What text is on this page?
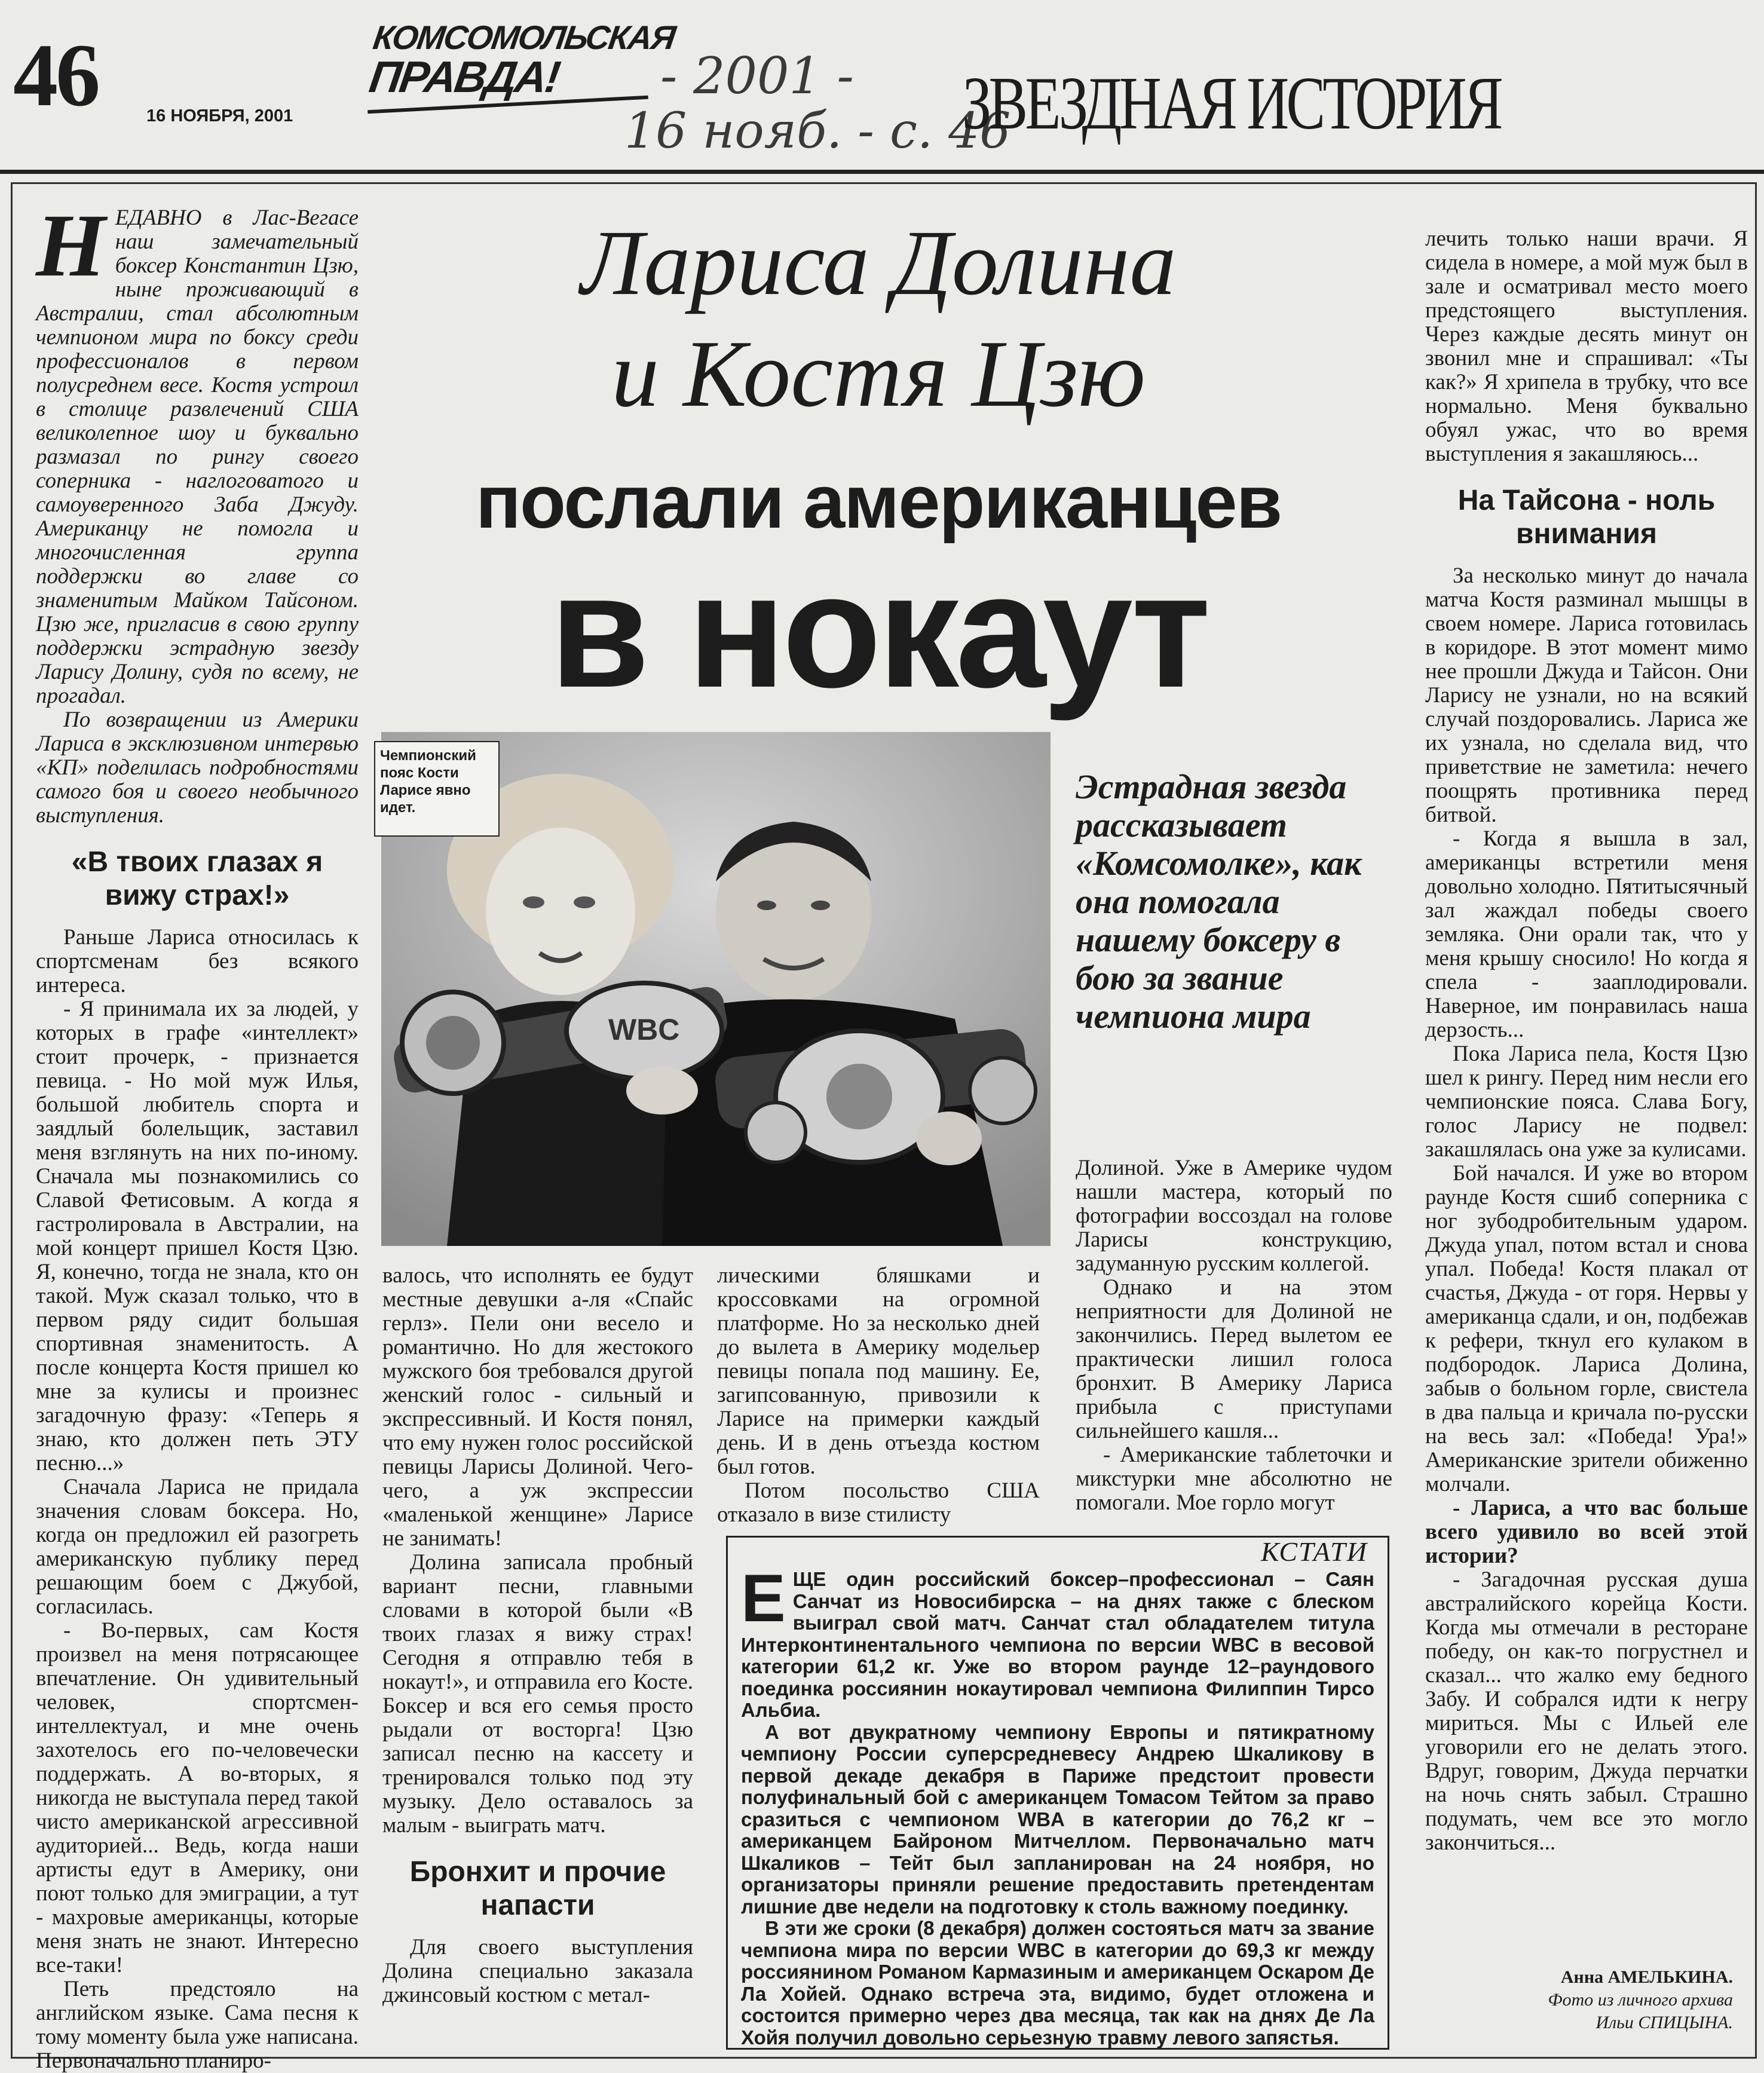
46	16 НОЯБРЯ, 2001
КОМСОМОЛЬСКАЯ
ПРАВДА! - 2001 -
16 нояб. - с. 46
ЗВЕЗДНАЯ ИСТОРИЯ
Лариса Долина
и Костя Цзю
послали американцев
в нокаут

НЕДАВНО в Лас-Вегасе наш замечательный боксер Константин Цзю, ныне проживающий в Австралии, стал абсолютным чемпионом мира по боксу среди профессионалов в первом полусреднем весе. Костя устроил в столице развлечений США великолепное шоу и буквально размазал по рингу своего соперника - наглоговатого и самоуверенного Заба Джуду. Американцу не помогла и многочисленная группа поддержки во главе со знаменитым Майком Тайсоном. Цзю же, пригласив в свою группу поддержки эстрадную звезду Ларису Долину, судя по всему, не прогадал.

По возвращении из Америки Лариса в эксклюзивном интервью «КП» поделилась подробностями самого боя и своего необычного выступления.

«В твоих глазах я вижу страх!»

Раньше Лариса относилась к спортсменам без всякого интереса.

- Я принимала их за людей, у которых в графе «интеллект» стоит прочерк, - признается певица. - Но мой муж Илья, большой любитель спорта и заядлый болельщик, заставил меня взглянуть на них по-иному. Сначала мы познакомились со Славой Фетисовым. А когда я гастролировала в Австралии, на мой концерт пришел Костя Цзю. Я, конечно, тогда не знала, кто он такой. Муж сказал только, что в первом ряду сидит большая спортивная знаменитость. А после концерта Костя пришел ко мне за кулисы и произнес загадочную фразу: «Теперь я знаю, кто должен петь ЭТУ песню...»

Сначала Лариса не придала значения словам боксера. Но, когда он предложил ей разогреть американскую публику перед решающим боем с Джубой, согласилась.

- Во-первых, сам Костя произвел на меня потрясающее впечатление. Он удивительный человек, спортсмен-интеллектуал, и мне очень захотелось его по-человечески поддержать. А во-вторых, я никогда не выступала перед такой чисто американской агрессивной аудиторией... Ведь, когда наши артисты едут в Америку, они поют только для эмиграции, а тут - махровые американцы, которые меня знать не знают. Интересно все-таки!

Петь предстояло на английском языке. Сама песня к тому моменту была уже написана. Первоначально планиро-

WBC
Чемпионский пояс Кости Ларисе явно идет.
Эстрадная звезда рассказывает «Комсомолке», как она помогала нашему боксеру в бою за звание чемпиона мира

валось, что исполнять ее будут местные девушки а-ля «Спайс герлз». Пели они весело и романтично. Но для жестокого мужского боя требовался другой женский голос - сильный и экспрессивный. И Костя понял, что ему нужен голос российской певицы Ларисы Долиной. Чего-чего, а уж экспрессии «маленькой женщине» Ларисе не занимать!

Долина записала пробный вариант песни, главными словами в которой были «В твоих глазах я вижу страх! Сегодня я отправлю тебя в нокаут!», и отправила его Косте. Боксер и вся его семья просто рыдали от восторга! Цзю записал песню на кассету и тренировался только под эту музыку. Дело оставалось за малым - выиграть матч.

Бронхит и прочие напасти

Для своего выступления Долина специально заказала джинсовый костюм с метал-

лическими бляшками и кроссовками на огромной платформе. Но за несколько дней до вылета в Америку модельер певицы попала под машину. Ее, загипсованную, привозили к Ларисе на примерки каждый день. И в день отъезда костюм был готов.

Потом посольство США отказало в визе стилисту

Долиной. Уже в Америке чудом нашли мастера, который по фотографии воссоздал на голове Ларисы конструкцию, задуманную русским коллегой.

Однако и на этом неприятности для Долиной не закончились. Перед вылетом ее практически лишил голоса бронхит. В Америку Лариса прибыла с приступами сильнейшего кашля...

- Американские таблеточки и микстурки мне абсолютно не помогали. Мое горло могут

лечить только наши врачи. Я сидела в номере, а мой муж был в зале и осматривал место моего предстоящего выступления. Через каждые десять минут он звонил мне и спрашивал: «Ты как?» Я хрипела в трубку, что все нормально. Меня буквально обуял ужас, что во время выступления я закашляюсь...

На Тайсона - ноль внимания

За несколько минут до начала матча Костя разминал мышцы в своем номере. Лариса готовилась в коридоре. В этот момент мимо нее прошли Джуда и Тайсон. Они Ларису не узнали, но на всякий случай поздоровались. Лариса же их узнала, но сделала вид, что приветствие не заметила: нечего поощрять противника перед битвой.

- Когда я вышла в зал, американцы встретили меня довольно холодно. Пятитысячный зал жаждал победы своего земляка. Они орали так, что у меня крышу сносило! Но когда я спела - зааплодировали. Наверное, им понравилась наша дерзость...

Пока Лариса пела, Костя Цзю шел к рингу. Перед ним несли его чемпионские пояса. Слава Богу, голос Ларису не подвел: закашлялась она уже за кулисами.

Бой начался. И уже во втором раунде Костя сшиб соперника с ног зубодробительным ударом. Джуда упал, потом встал и снова упал. Победа! Костя плакал от счастья, Джуда - от горя. Нервы у американца сдали, и он, подбежав к рефери, ткнул его кулаком в подбородок. Лариса Долина, забыв о больном горле, свистела в два пальца и кричала по-русски на весь зал: «Победа! Ура!» Американские зрители обиженно молчали.

- Лариса, а что вас больше всего удивило во всей этой истории?

- Загадочная русская душа австралийского корейца Кости. Когда мы отмечали в ресторане победу, он как-то погрустнел и сказал... что жалко ему бедного Забу. И собрался идти к негру мириться. Мы с Ильей еле уговорили его не делать этого. Вдруг, говорим, Джуда перчатки на ночь снять забыл. Страшно подумать, чем все это могло закончиться...

КСТАТИ

ЕЩЕ один российский боксер–профессионал – Саян Санчат из Новосибирска – на днях также с блеском выиграл свой матч. Санчат стал обладателем титула Интерконтинентального чемпиона по версии WBC в весовой категории 61,2 кг. Уже во втором раунде 12–раундового поединка россиянин нокаутировал чемпиона Филиппин Тирсо Альбиа.

А вот двукратному чемпиону Европы и пятикратному чемпиону России суперсредневесу Андрею Шкаликову в первой декаде декабря в Париже предстоит провести полуфинальный бой с американцем Томасом Тейтом за право сразиться с чемпионом WBA в категории до 76,2 кг – американцем Байроном Митчеллом. Первоначально матч Шкаликов – Тейт был запланирован на 24 ноября, но организаторы приняли решение предоставить претендентам лишние две недели на подготовку к столь важному поединку.

В эти же сроки (8 декабря) должен состояться матч за звание чемпиона мира по версии WBC в категории до 69,3 кг между россиянином Романом Кармазиным и американцем Оскаром Де Ла Хойей. Однако встреча эта, видимо, будет отложена и состоится примерно через два месяца, так как на днях Де Ла Хойя получил довольно серьезную травму левого запястья.

Анна АМЕЛЬКИНА.
Фото из личного архива
Ильи СПИЦЫНА.
